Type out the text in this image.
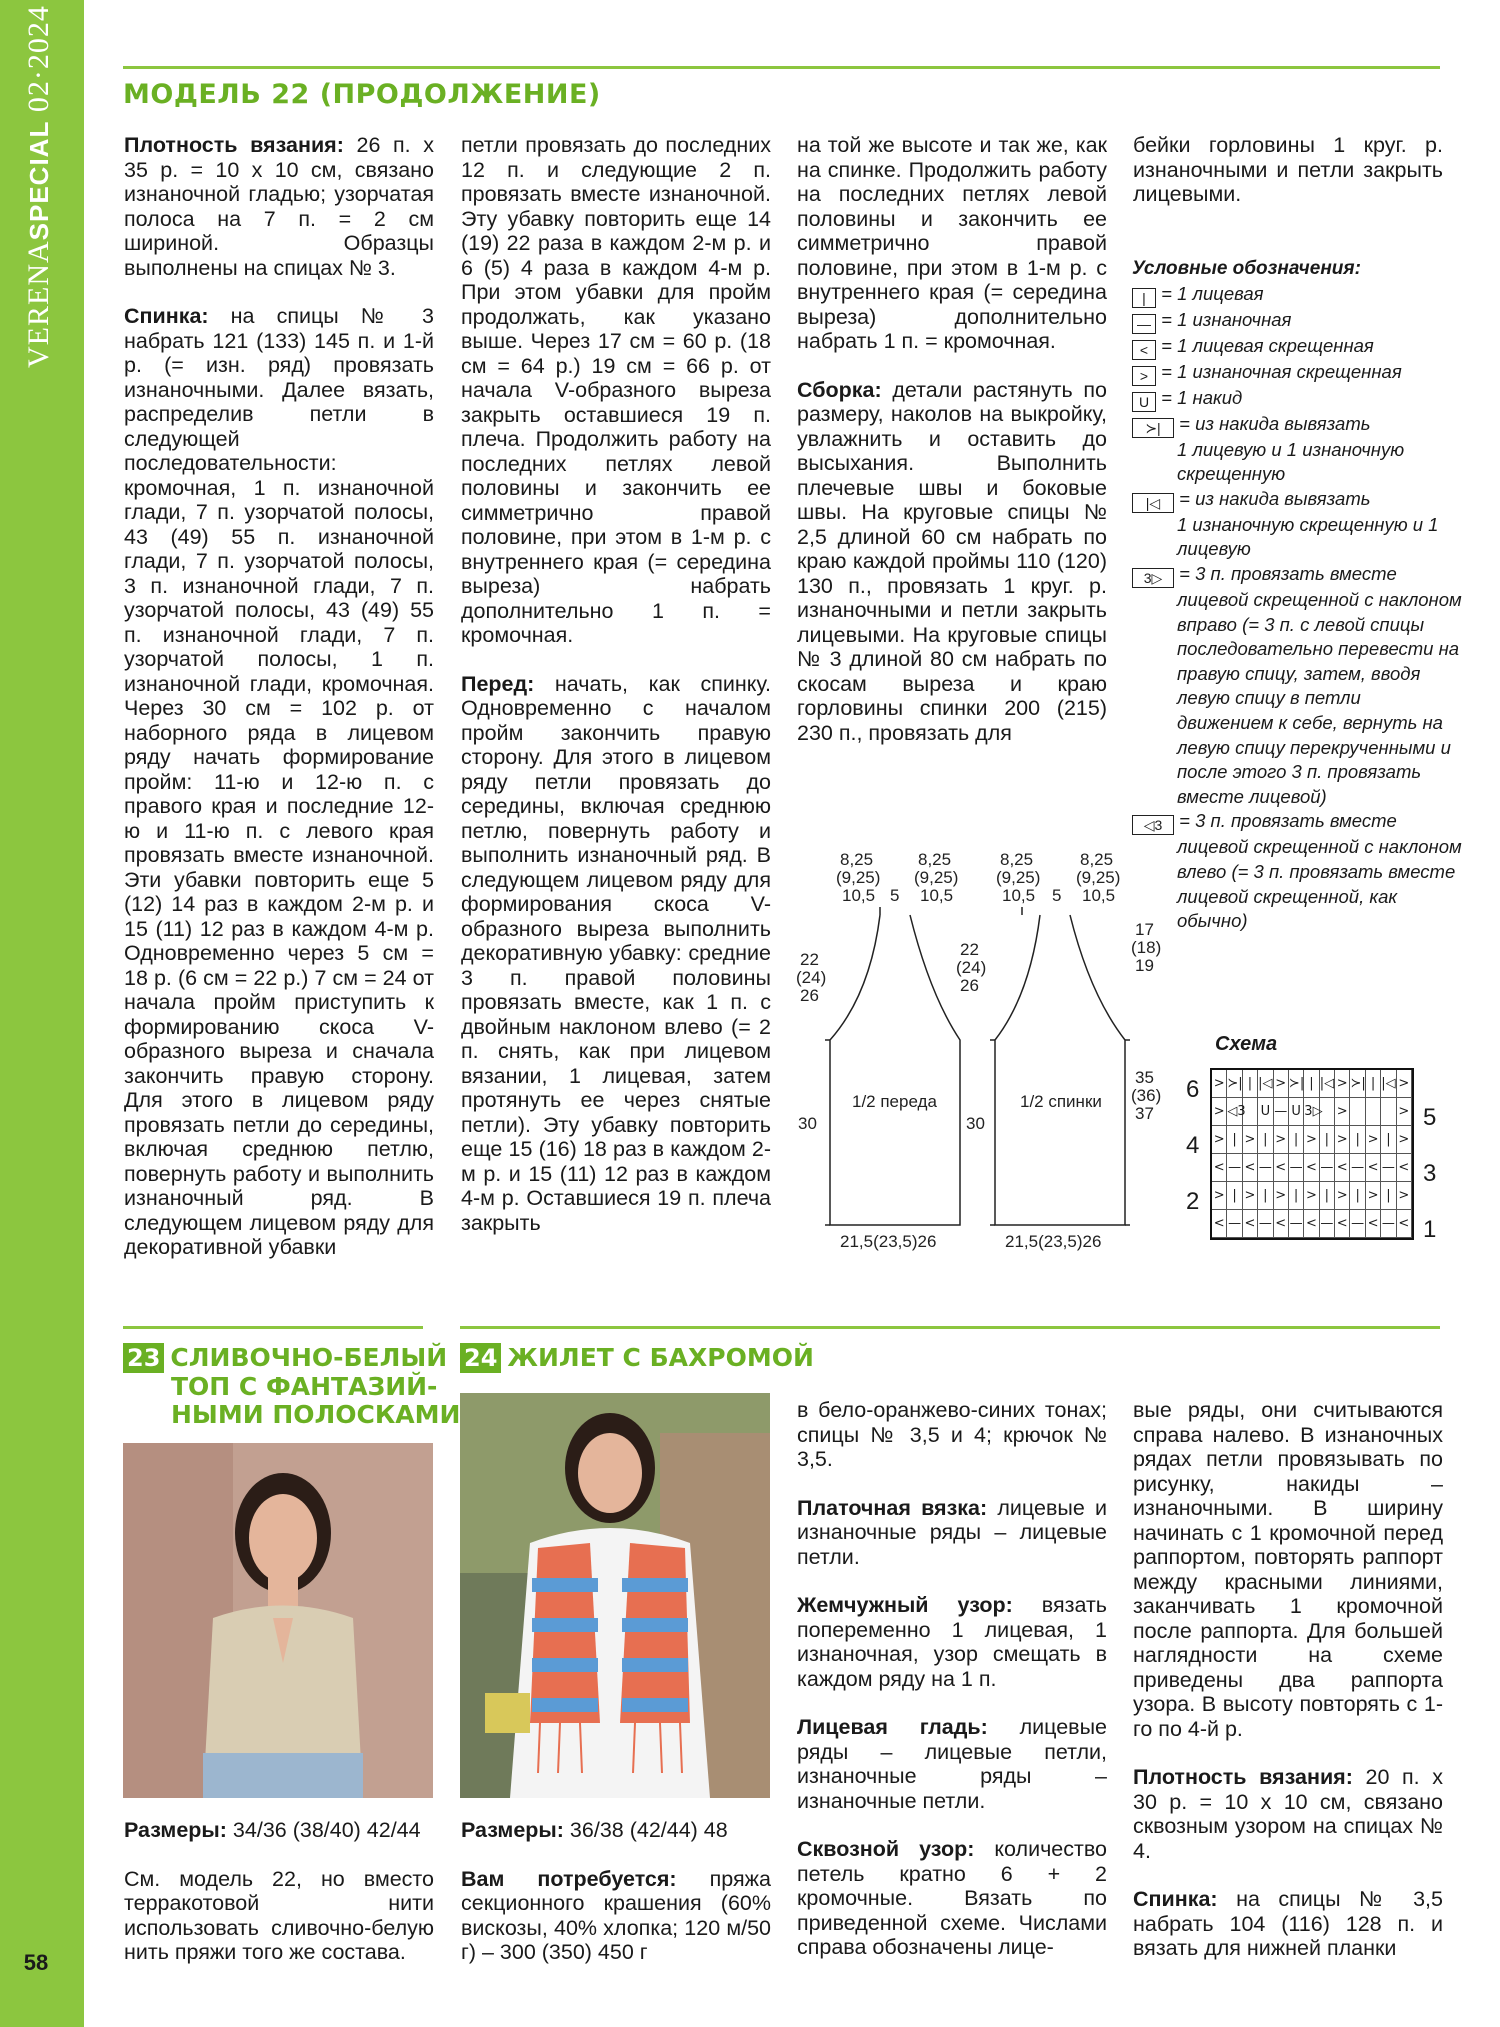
VERENASPECIAL 02·2024
58
МОДЕЛЬ 22 (ПРОДОЛЖЕНИЕ)

Плотность вязания: 26 п. х 35 р. = 10 х 10 см, связано изнаночной гладью; узорчатая полоса на 7 п. = 2 см шириной. Образцы выполнены на спицах № 3.

Спинка: на спицы № 3 набрать 121 (133) 145 п. и 1-й р. (= изн. ряд) провязать изнаночными. Далее вязать, распределив петли в следующей последовательности: кромочная, 1 п. изнаночной глади, 7 п. узорчатой полосы, 43 (49) 55 п. изнаночной глади, 7 п. узорчатой полосы, 3 п. изнаночной глади, 7 п. узорчатой полосы, 43 (49) 55 п. изнаночной глади, 7 п. узорчатой полосы, 1 п. изнаночной глади, кромочная. Через 30 см = 102 р. от наборного ряда в лицевом ряду начать формирование пройм: 11-ю и 12-ю п. с правого края и последние 12-ю и 11-ю п. с левого края провязать вместе изнаночной. Эти убавки повторить еще 5 (12) 14 раз в каждом 2-м р. и 15 (11) 12 раз в каждом 4-м р. Одновременно через 5 см = 18 р. (6 см = 22 р.) 7 см = 24 от начала пройм приступить к формированию скоса V-образного выреза и сначала закончить правую сторону. Для этого в лицевом ряду провязать петли до середины, включая среднюю петлю, повернуть работу и выполнить изнаночный ряд. В следующем лицевом ряду для декоративной убавки

петли провязать до последних 12 п. и следующие 2 п. провязать вместе изнаночной. Эту убавку повторить еще 14 (19) 22 раза в каждом 2-м р. и 6 (5) 4 раза в каждом 4-м р. При этом убавки для пройм продолжать, как указано выше. Через 17 см = 60 р. (18 см = 64 р.) 19 см = 66 р. от начала V-образного выреза закрыть оставшиеся 19 п. плеча. Продолжить работу на последних петлях левой половины и закончить ее симметрично правой половине, при этом в 1-м р. с внутреннего края (= середина выреза) набрать дополнительно 1 п. = кромочная.

Перед: начать, как спинку. Одновременно с началом пройм закончить правую сторону. Для этого в лицевом ряду петли провязать до середины, включая среднюю петлю, повернуть работу и выполнить изнаночный ряд. В следующем лицевом ряду для формирования скоса V-образного выреза выполнить декоративную убавку: средние 3 п. правой половины провязать вместе, как 1 п. с двойным наклоном влево (= 2 п. снять, как при лицевом вязании, 1 лицевая, затем протянуть ее через снятые петли). Эту убавку повторить еще 15 (16) 18 раз в каждом 2-м р. и 15 (11) 12 раз в каждом 4-м р. Оставшиеся 19 п. плеча закрыть

на той же высоте и так же, как на спинке. Продолжить работу на последних петлях левой половины и закончить ее симметрично правой половине, при этом в 1-м р. с внутреннего края (= середина выреза) дополнительно набрать 1 п. = кромочная.

Сборка: детали растянуть по размеру, наколов на выкройку, увлажнить и оставить до высыхания. Выполнить плечевые швы и боковые швы. На круговые спицы № 2,5 длиной 60 см набрать по краю каждой проймы 110 (120) 130 п., провязать 1 круг. р. изнаночными и петли закрыть лицевыми. На круговые спицы № 3 длиной 80 см набрать по скосам выреза и краю горловины спинки 200 (215) 230 п., провязать для

бейки горловины 1 круг. р. изнаночными и петли закрыть лицевыми.

Условные обозначения:
| = 1 лицевая
— = 1 изнаночная
< = 1 лицевая скрещенная
> = 1 изнаночная скрещенная
U = 1 накид
≻| = из накида вывязать
1 лицевую и 1 изнаночную скрещенную
|◁ = из накида вывязать
1 изнаночную скрещенную и 1 лицевую
3▷ = 3 п. провязать вместе
лицевой скрещенной с наклоном вправо (= 3 п. с левой спицы последовательно перевести на правую спицу, затем, вводя левую спицу в петли движением к себе, вернуть на левую спицу перекрученными и после этого 3 п. провязать вместе лицевой)
◁3 = 3 п. провязать вместе
лицевой скрещенной с наклоном влево (= 3 п. провязать вместе лицевой скрещенной, как обычно)
8,25
(9,25)
10,5 5
8,25
(9,25)
10,5
22
(24)
26
30
1/2 переда
21,5(23,5)26
8,25
(9,25)
10,5 5
8,25
(9,25)
10,5
22
(24)
26
17
(18)
19
35
(36)
37
30
1/2 спинки
21,5(23,5)26
Схема
6
4
2
5
3
1
> ≻| | |◁ > ≻| | |◁ > ≻| | |◁ >
> ◁3 U — U 3▷ >	>
> | > | > | > | > | > | >
< — < — < — < — < — < — <
> | > | > | > | > | > | >
< — < — < — < — < — < — <
23 СЛИВОЧНО-БЕЛЫЙ
ТОП С ФАНТАЗИЙ-
НЫМИ ПОЛОСКАМИ
24 ЖИЛЕТ С БАХРОМОЙ

Размеры: 34/36 (38/40) 42/44

См. модель 22, но вместо терракотовой нити использовать сливочно-белую нить пряжи того же состава.

Размеры: 36/38 (42/44) 48

Вам потребуется: пряжа секционного крашения (60% вискозы, 40% хлопка; 120 м/50 г) – 300 (350) 450 г

в бело-оранжево-синих тонах; спицы № 3,5 и 4; крючок № 3,5.

Платочная вязка: лицевые и изнаночные ряды – лицевые петли.

Жемчужный узор: вязать попеременно 1 лицевая, 1 изнаночная, узор смещать в каждом ряду на 1 п.

Лицевая гладь: лицевые ряды – лицевые петли, изнаночные ряды – изнаночные петли.

Сквозной узор: количество петель кратно 6 + 2 кромочные. Вязать по приведенной схеме. Числами справа обозначены лице-

вые ряды, они считываются справа налево. В изнаночных рядах петли провязывать по рисунку, накиды – изнаночными. В ширину начинать с 1 кромочной перед раппортом, повторять раппорт между красными линиями, заканчивать 1 кромочной после раппорта. Для большей наглядности на схеме приведены два раппорта узора. В высоту повторять с 1-го по 4-й р.

Плотность вязания: 20 п. х 30 р. = 10 х 10 см, связано сквозным узором на спицах № 4.

Спинка: на спицы № 3,5 набрать 104 (116) 128 п. и вязать для нижней планки
